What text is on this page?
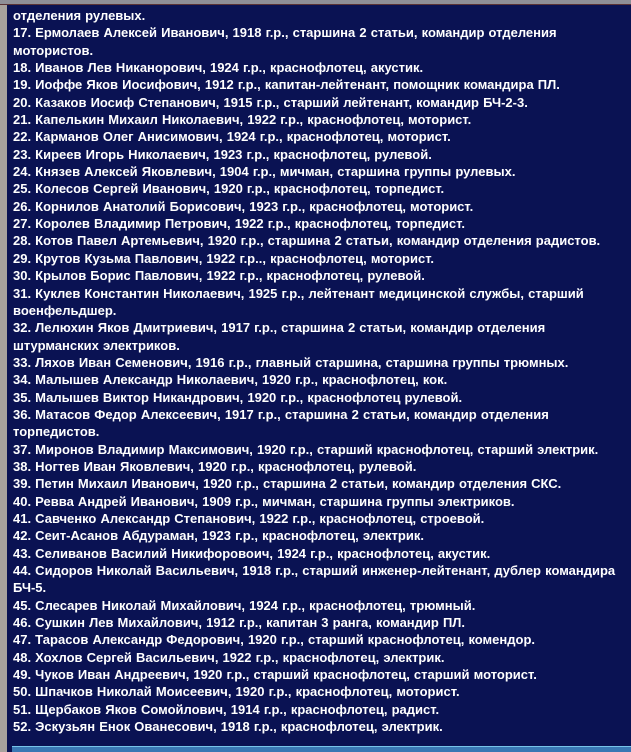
отделения рулевых.

17. Ермолаев Алексей Иванович, 1918 г.р., старшина 2 статьи, командир отделения мотористов.

18. Иванов Лев Никанорович, 1924 г.р., краснофлотец, акустик.

19. Иоффе Яков Иосифович, 1912 г.р., капитан-лейтенант, помощник командира ПЛ.

20. Казаков Иосиф Степанович, 1915 г.р., старший лейтенант, командир БЧ-2-3.

21. Капелькин Михаил Николаевич, 1922 г.р., краснофлотец, моторист.

22. Карманов Олег Анисимович, 1924 г.р., краснофлотец, моторист.

23. Киреев Игорь Николаевич, 1923 г.р., краснофлотец, рулевой.

24. Князев Алексей Яковлевич, 1904 г.р., мичман, старшина группы рулевых.

25. Колесов Сергей Иванович, 1920 г.р., краснофлотец, торпедист.

26. Корнилов Анатолий Борисович, 1923 г.р., краснофлотец, моторист.

27. Королев Владимир Петрович, 1922 г.р., краснофлотец, торпедист.

28. Котов Павел Артемьевич, 1920 г.р., старшина 2 статьи, командир отделения радистов.

29. Крутов Кузьма Павлович, 1922 г.р.., краснофлотец, моторист.

30. Крылов Борис Павлович, 1922 г.р., краснофлотец, рулевой.

31. Куклев Константин Николаевич, 1925 г.р., лейтенант медицинской службы, старший военфельдшер.

32. Лелюхин Яков Дмитриевич, 1917 г.р., старшина 2 статьи, командир отделения штурманских электриков.

33. Ляхов Иван Семенович, 1916 г.р., главный старшина, старшина группы трюмных.

34. Малышев Александр Николаевич, 1920 г.р., краснофлотец, кок.

35. Малышев Виктор Никандрович, 1920 г.р., краснофлотец рулевой.

36. Матасов Федор Алексеевич, 1917 г.р., старшина 2 статьи, командир отделения торпедистов.

37. Миронов Владимир Максимович, 1920 г.р., старший краснофлотец, старший электрик.

38. Ногтев Иван Яковлевич, 1920 г.р., краснофлотец, рулевой.

39. Петин Михаил Иванович, 1920 г.р., старшина 2 статьи, командир отделения СКС.

40. Ревва Андрей Иванович, 1909 г.р., мичман, старшина группы электриков.

41. Савченко Александр Степанович, 1922 г.р., краснофлотец, строевой.

42. Сеит-Асанов Абдураман, 1923 г.р., краснофлотец, электрик.

43. Селиванов Василий Никифоровоич, 1924 г.р., краснофлотец, акустик.

44. Сидоров Николай Васильевич, 1918 г.р., старший инженер-лейтенант, дублер командира БЧ-5.

45. Слесарев Николай Михайлович, 1924 г.р., краснофлотец, трюмный.

46. Сушкин Лев Михайлович, 1912 г.р., капитан 3 ранга, командир ПЛ.

47. Тарасов Александр Федорович, 1920 г.р., старший краснофлотец, комендор.

48. Хохлов Сергей Васильевич, 1922 г.р., краснофлотец, электрик.

49. Чуков Иван Андреевич, 1920 г.р., старший краснофлотец, старший моторист.

50. Шпачков Николай Моисеевич, 1920 г.р., краснофлотец, моторист.

51. Щербаков Яков Сомойлович, 1914 г.р., краснофлотец, радист.

52. Эскузьян Енок Ованесович, 1918 г.р., краснофлотец, электрик.
